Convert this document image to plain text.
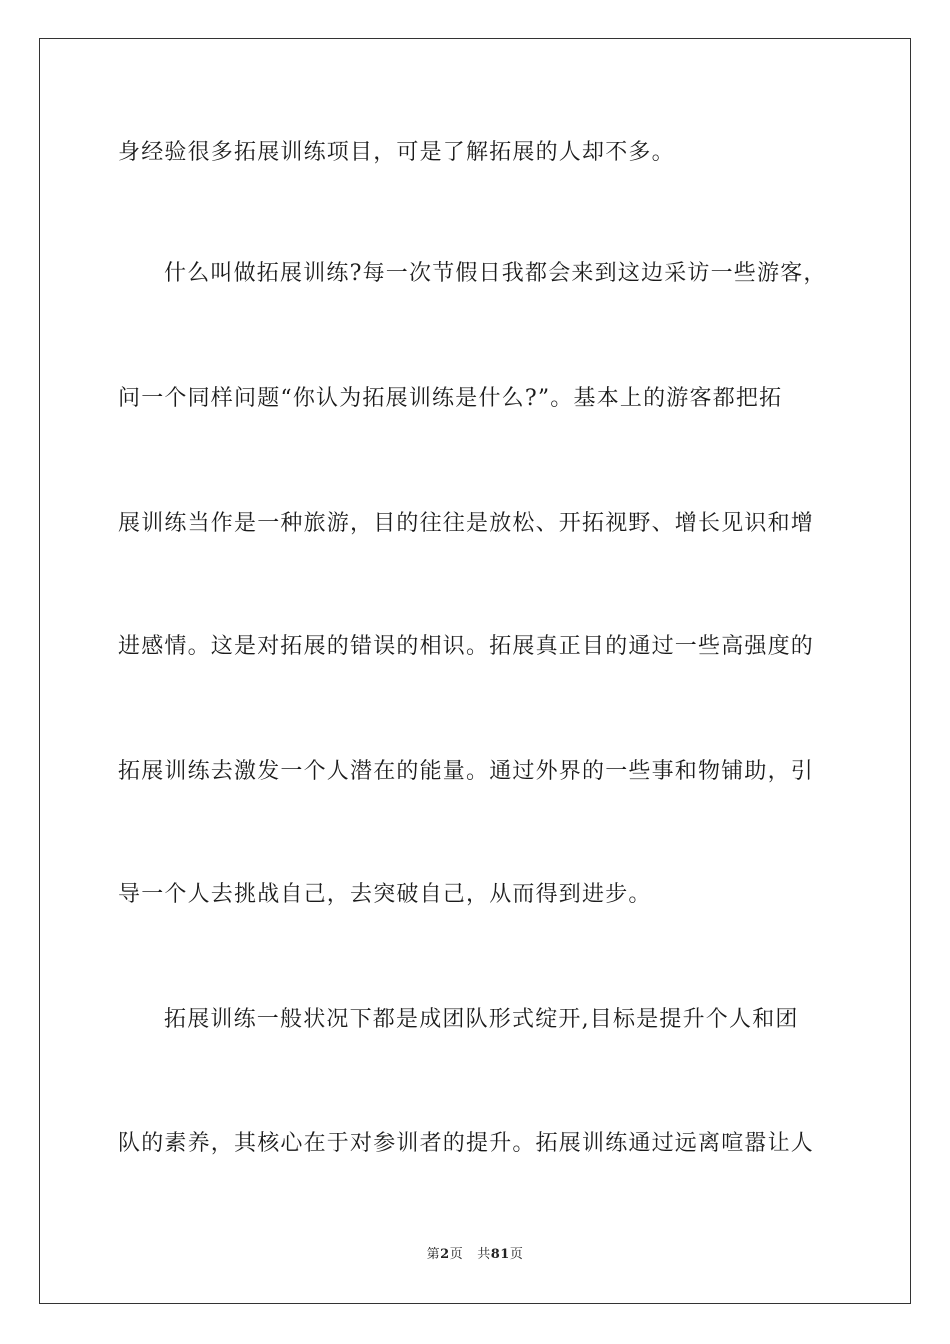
身经验很多拓展训练项目，可是了解拓展的人却不多。
什么叫做拓展训练?每一次节假日我都会来到这边采访一些游客，
问一个同样问题“你认为拓展训练是什么?”。基本上的游客都把拓
展训练当作是一种旅游，目的往往是放松、开拓视野、增长见识和增
进感情。这是对拓展的错误的相识。拓展真正目的通过一些高强度的
拓展训练去激发一个人潜在的能量。通过外界的一些事和物铺助，引
导一个人去挑战自己，去突破自己，从而得到进步。
拓展训练一般状况下都是成团队形式绽开,目标是提升个人和团
队的素养，其核心在于对参训者的提升。拓展训练通过远离喧嚣让人
第2页 共81页
